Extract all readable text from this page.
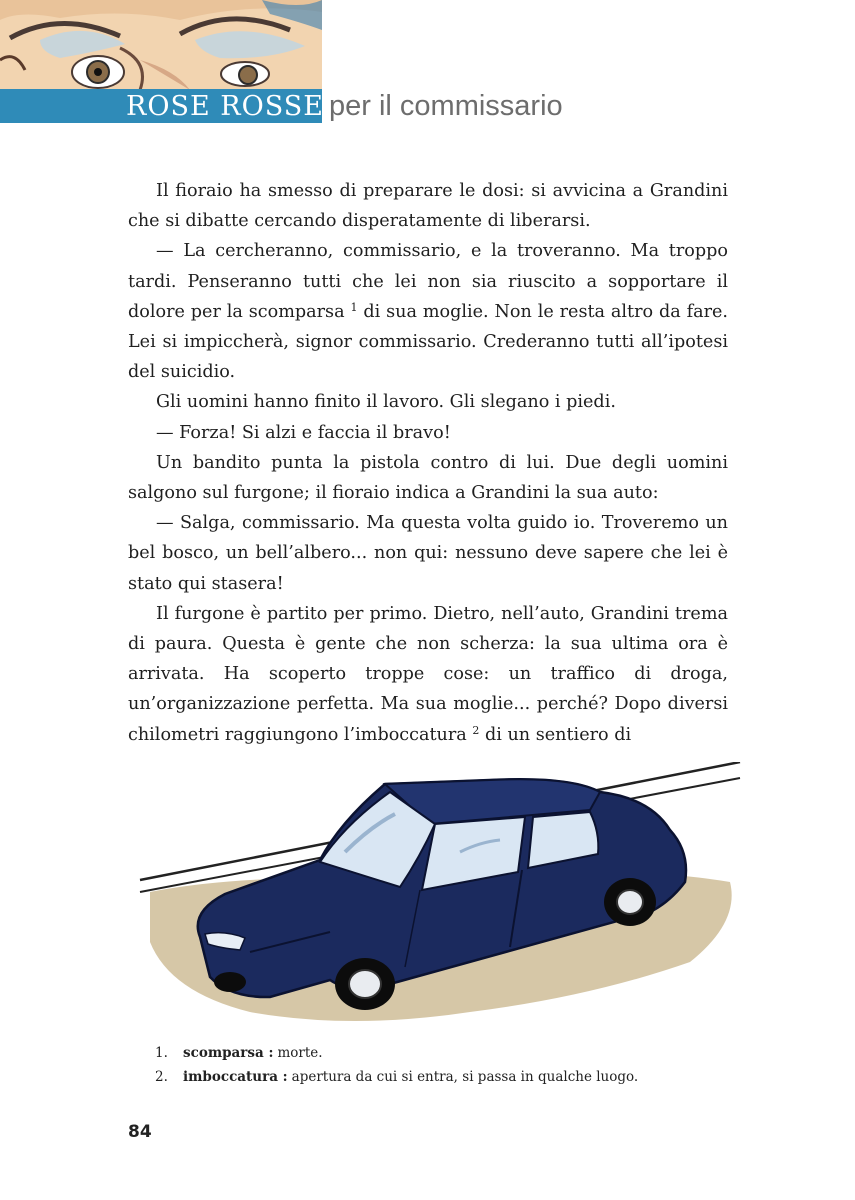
ROSE ROSSE per il commissario

Il fioraio ha smesso di preparare le dosi: si avvicina a Grandini che si dibatte cercando disperatamente di liberarsi.

— La cercheranno, commissario, e la troveranno. Ma troppo tardi. Penseranno tutti che lei non sia riuscito a sopportare il dolore per la scomparsa $^1$ di sua moglie. Non le resta altro da fare. Lei si impiccherà, signor commissario. Crederanno tutti all’ipotesi del suicidio.

Gli uomini hanno finito il lavoro. Gli slegano i piedi.

— Forza! Si alzi e faccia il bravo!

Un bandito punta la pistola contro di lui. Due degli uomini salgono sul furgone; il fioraio indica a Grandini la sua auto:

— Salga, commissario. Ma questa volta guido io. Troveremo un bel bosco, un bell’albero... non qui: nessuno deve sapere che lei è stato qui stasera!

Il furgone è partito per primo. Dietro, nell’auto, Grandini trema di paura. Questa è gente che non scherza: la sua ultima ora è arrivata. Ha scoperto troppe cose: un traffico di droga, un’organizzazione perfetta. Ma sua moglie... perché? Dopo diversi chilometri raggiungono l’imboccatura $^2$ di un sentiero di

1.	scomparsa : morte.
2.	imboccatura : apertura da cui si entra, si passa in qualche luogo.
84
